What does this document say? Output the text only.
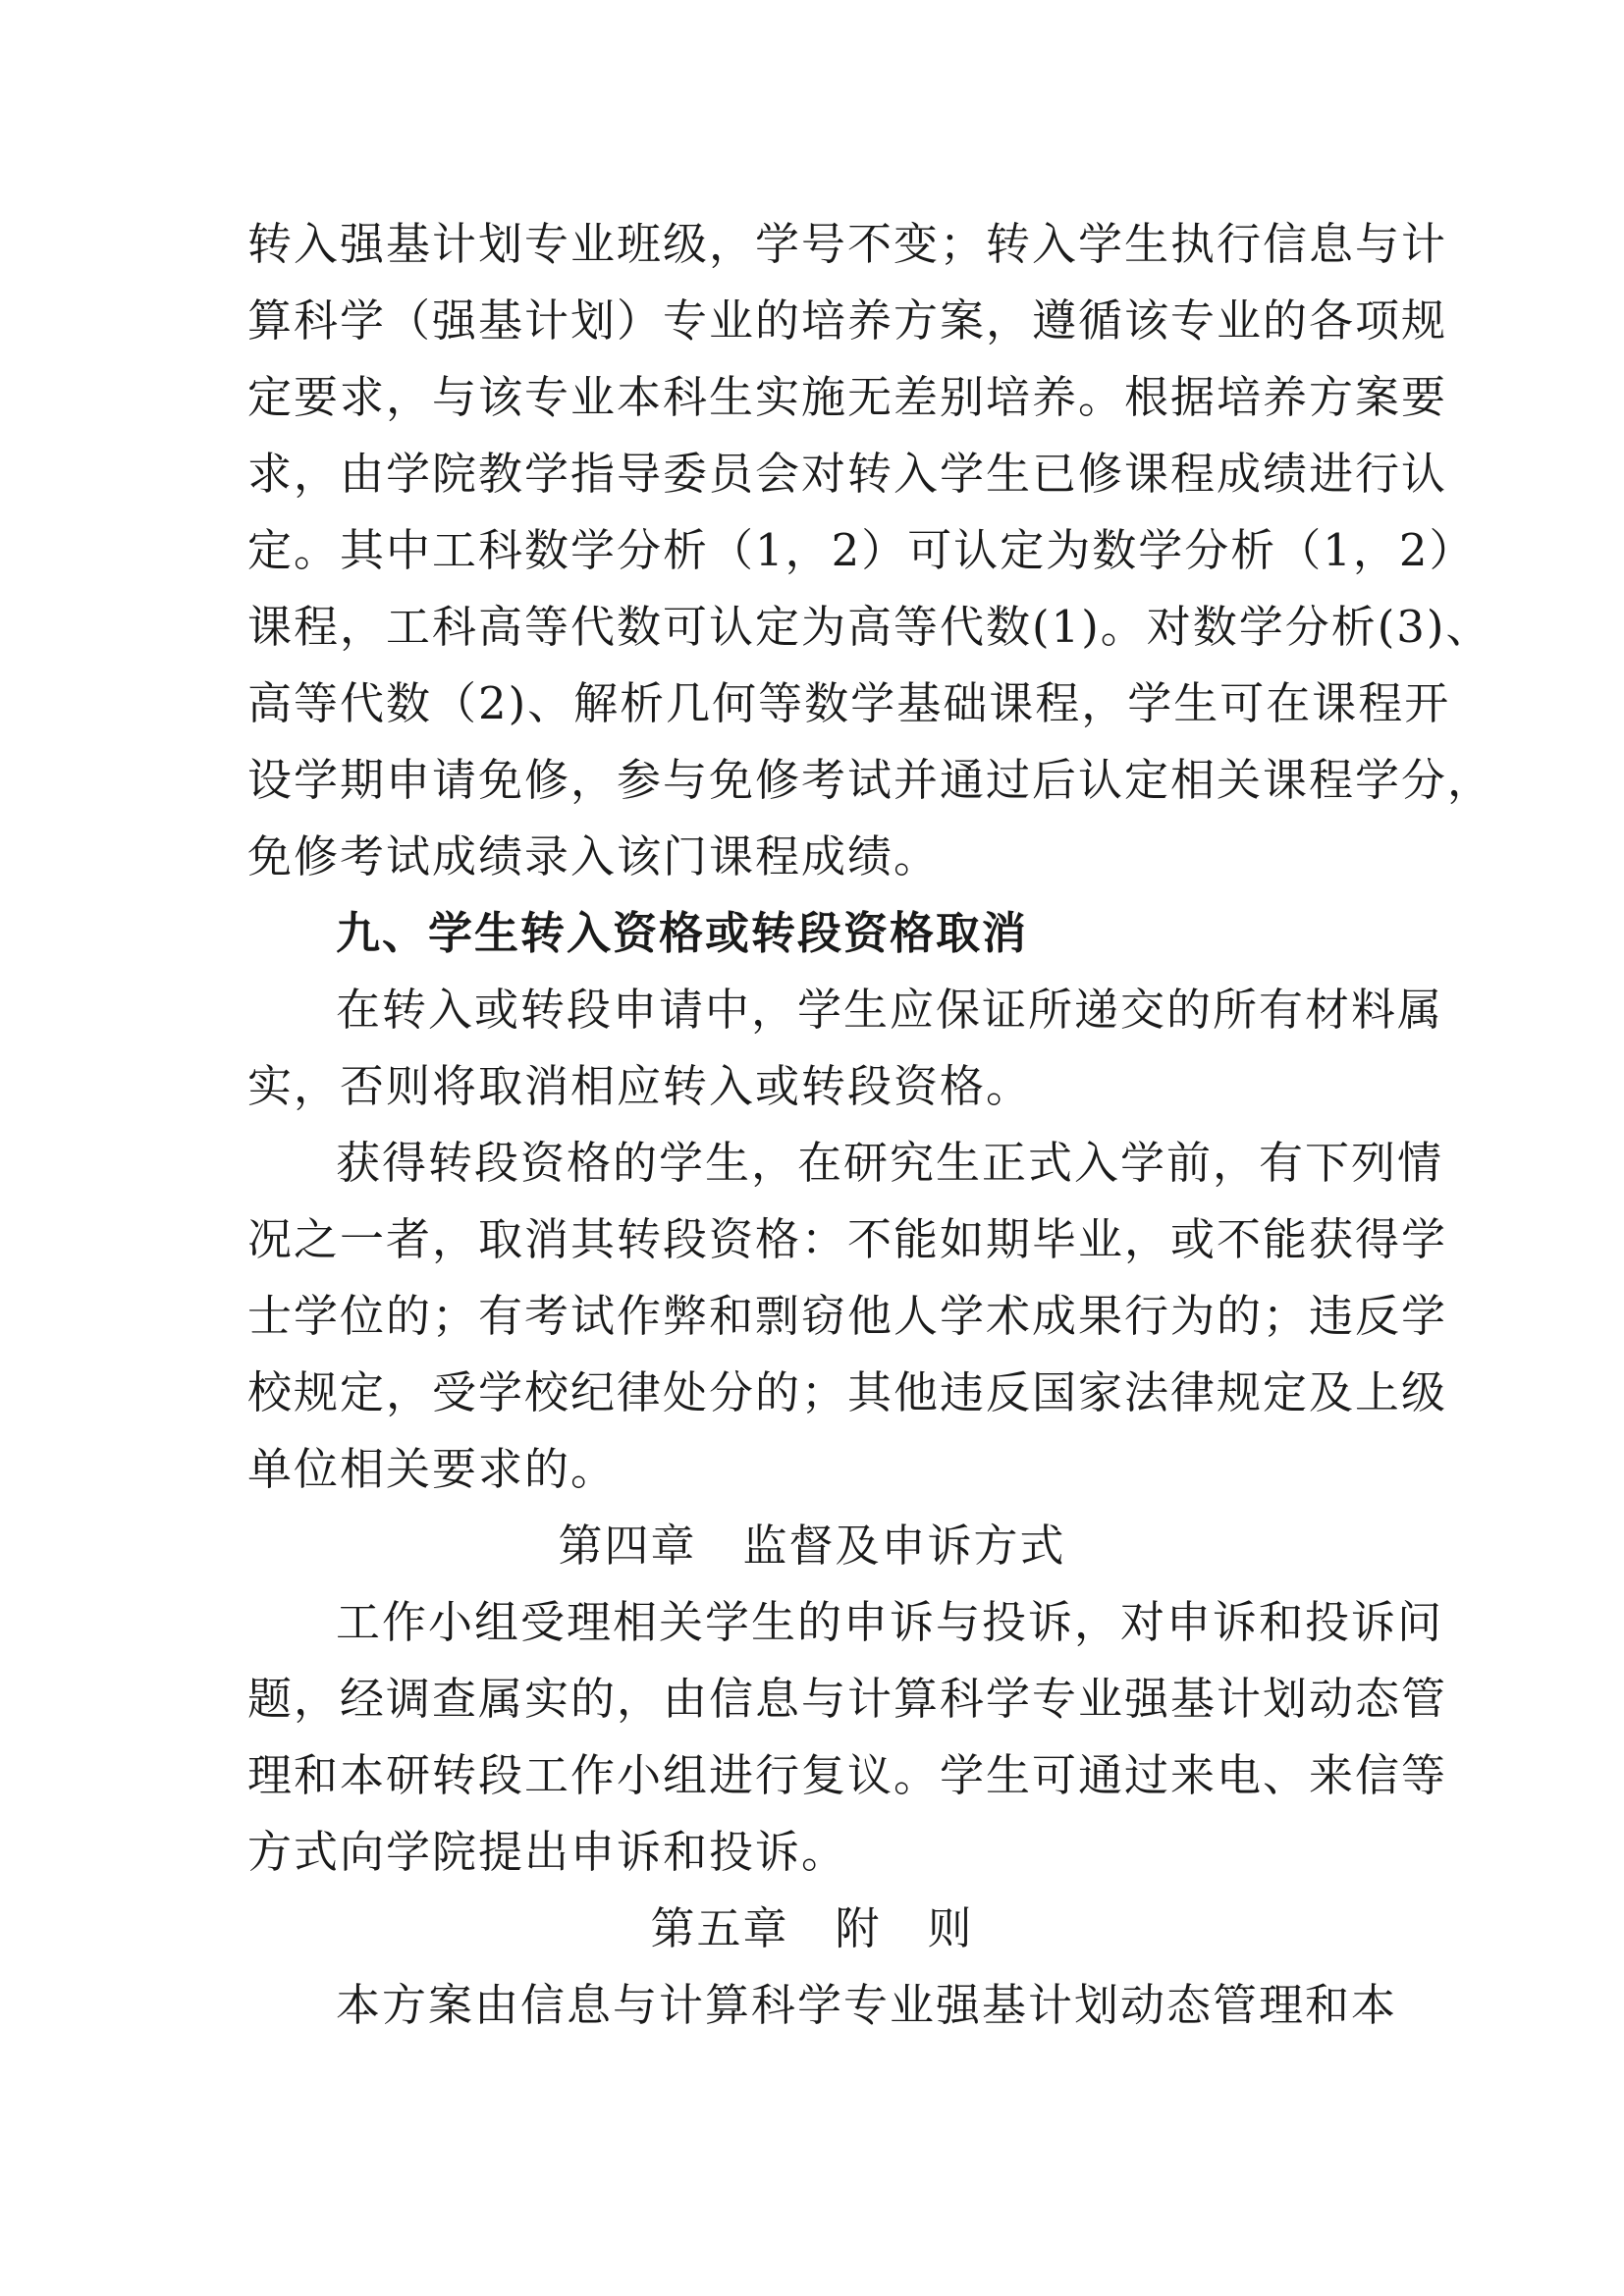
转入强基计划专业班级，学号不变；转入学生执行信息与计
算科学（强基计划）专业的培养方案，遵循该专业的各项规
定要求，与该专业本科生实施无差别培养。根据培养方案要
求，由学院教学指导委员会对转入学生已修课程成绩进行认
定。其中工科数学分析（1，2）可认定为数学分析（1，2）
课程，工科高等代数可认定为高等代数(1)。对数学分析(3)、
高等代数（2)、解析几何等数学基础课程，学生可在课程开
设学期申请免修，参与免修考试并通过后认定相关课程学分，
免修考试成绩录入该门课程成绩。
九、学生转入资格或转段资格取消
在转入或转段申请中，学生应保证所递交的所有材料属
实，否则将取消相应转入或转段资格。
获得转段资格的学生，在研究生正式入学前，有下列情
况之一者，取消其转段资格：不能如期毕业，或不能获得学
士学位的；有考试作弊和剽窃他人学术成果行为的；违反学
校规定，受学校纪律处分的；其他违反国家法律规定及上级
单位相关要求的。
第四章　监督及申诉方式
工作小组受理相关学生的申诉与投诉，对申诉和投诉问
题，经调查属实的，由信息与计算科学专业强基计划动态管
理和本研转段工作小组进行复议。学生可通过来电、来信等
方式向学院提出申诉和投诉。
第五章　附　则
本方案由信息与计算科学专业强基计划动态管理和本
